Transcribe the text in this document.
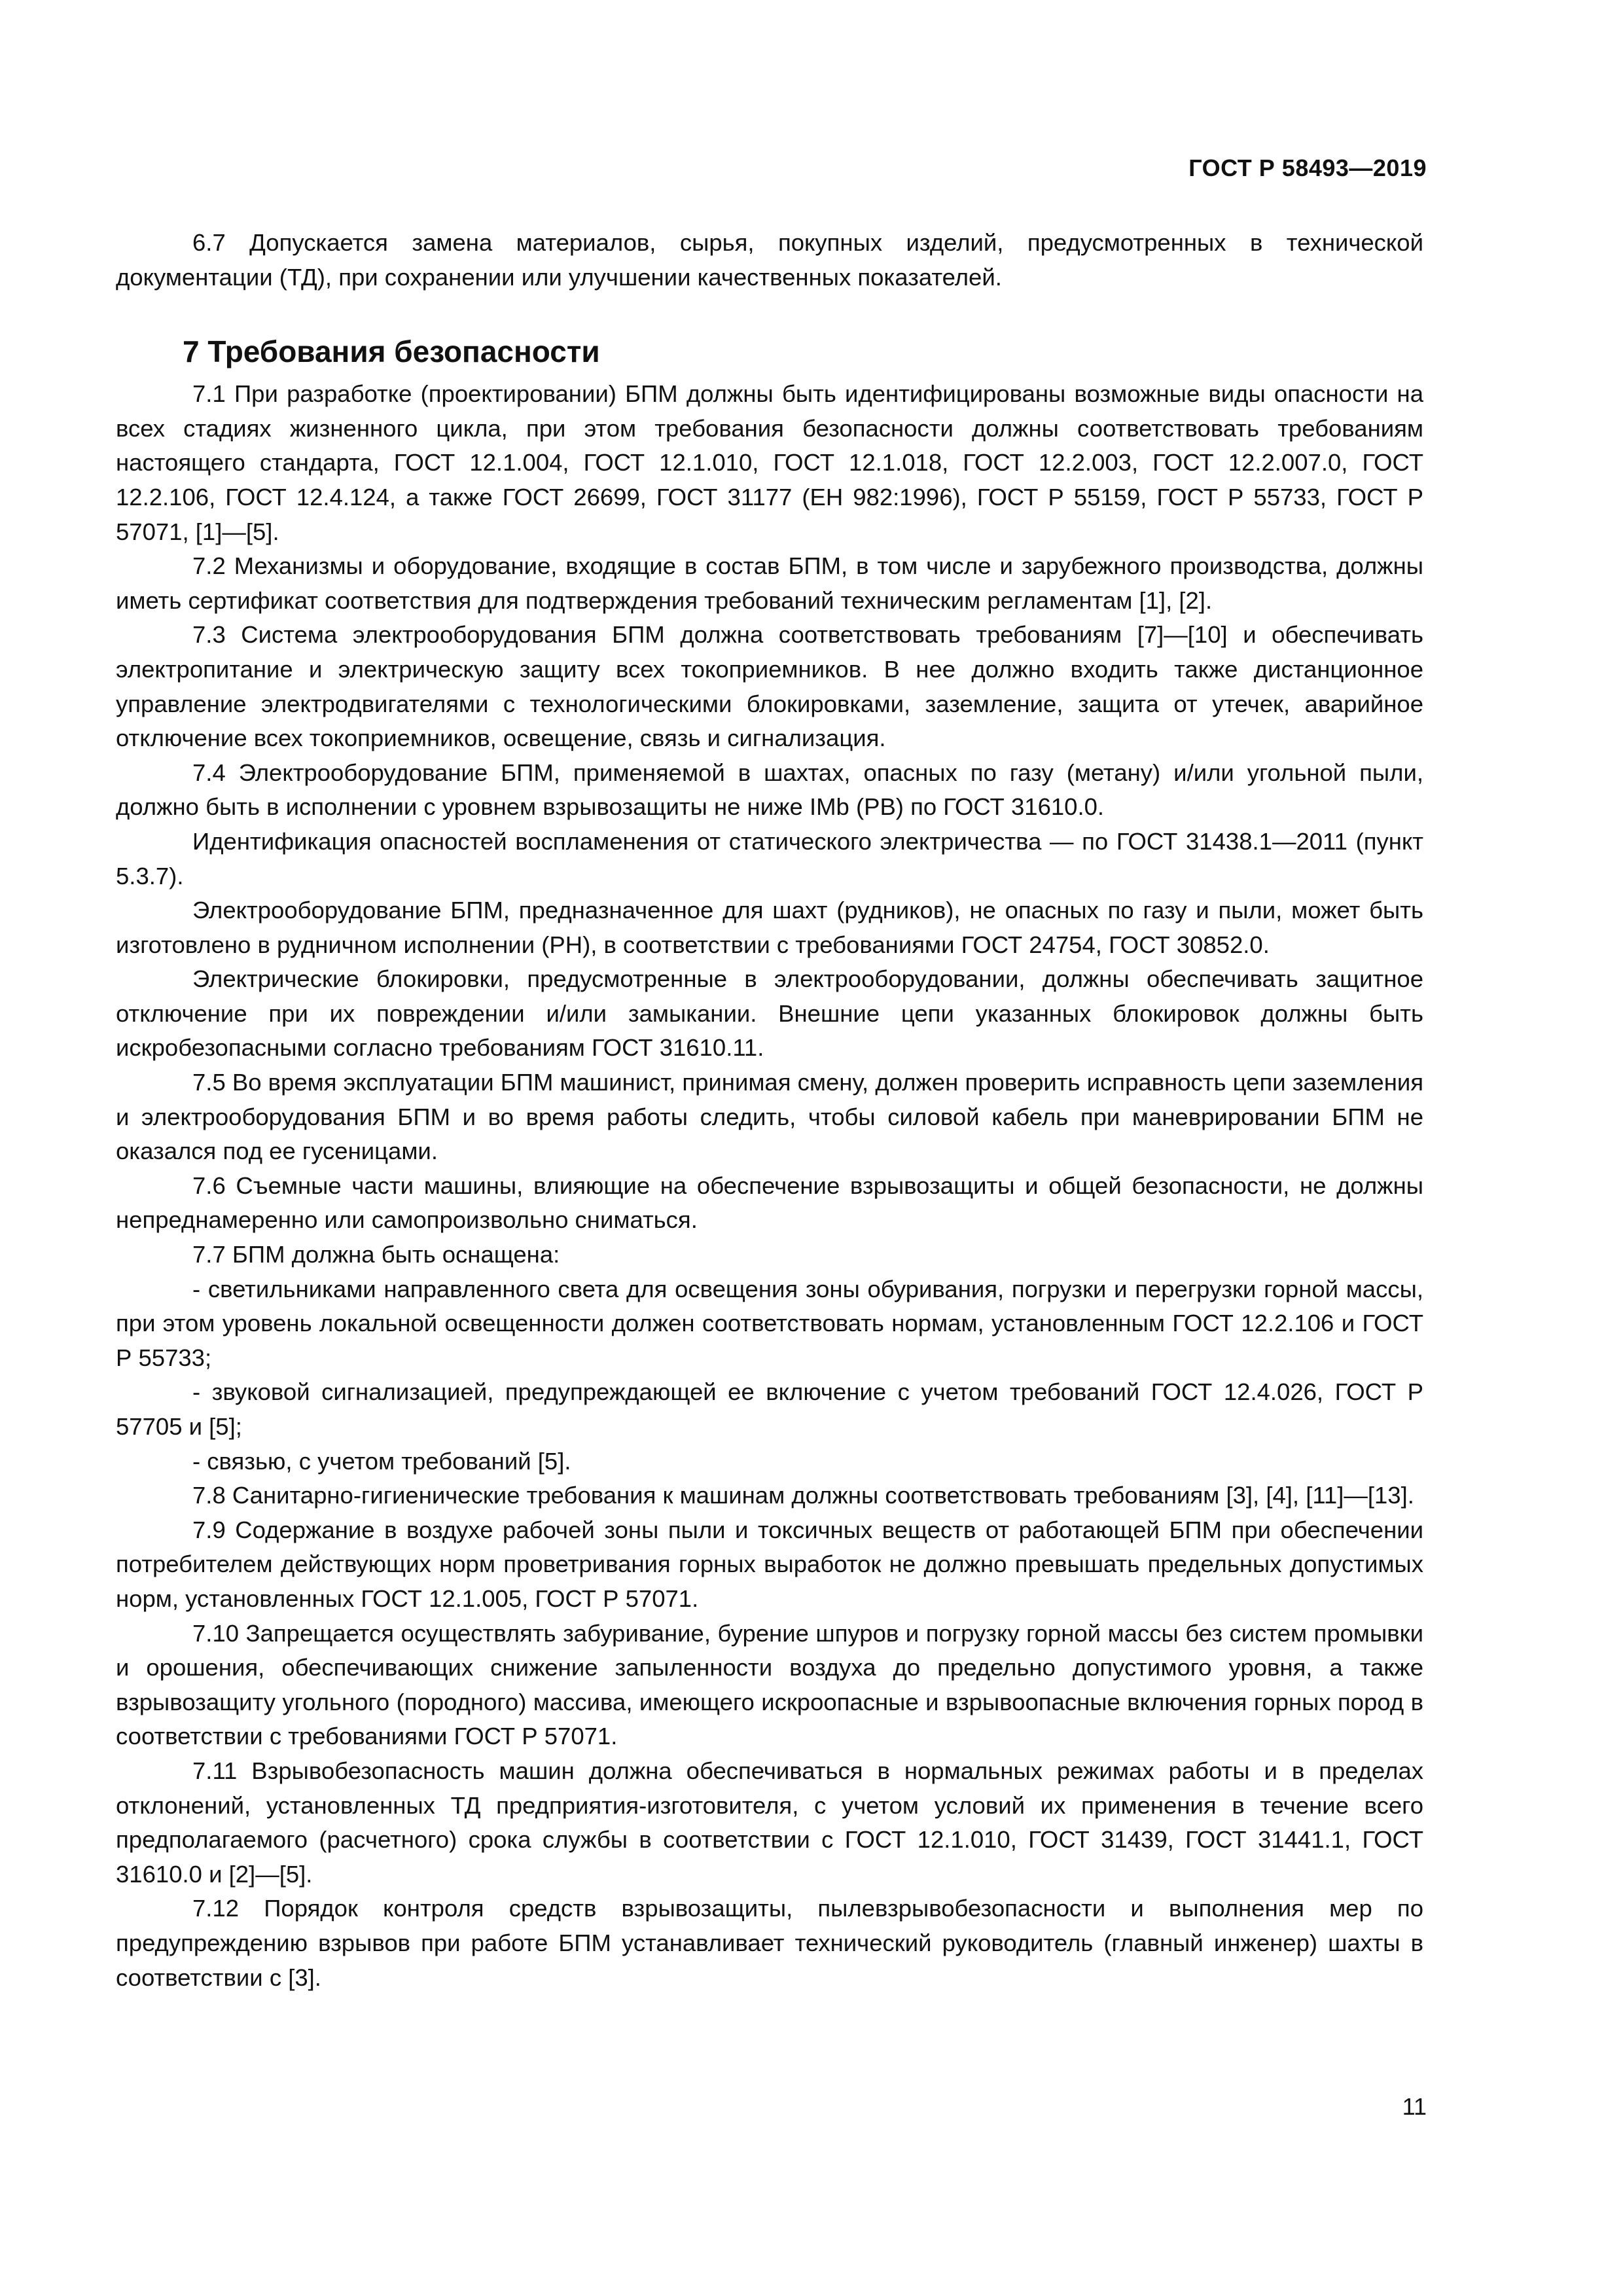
ГОСТ Р 58493—2019

6.7 Допускается замена материалов, сырья, покупных изделий, предусмотренных в технической документации (ТД), при сохранении или улучшении качественных показателей.

7 Требования безопасности

7.1 При разработке (проектировании) БПМ должны быть идентифицированы возможные виды опасности на всех стадиях жизненного цикла, при этом требования безопасности должны соответствовать требованиям настоящего стандарта, ГОСТ 12.1.004, ГОСТ 12.1.010, ГОСТ 12.1.018, ГОСТ 12.2.003, ГОСТ 12.2.007.0, ГОСТ 12.2.106, ГОСТ 12.4.124, а также ГОСТ 26699, ГОСТ 31177 (ЕН 982:1996), ГОСТ Р 55159, ГОСТ Р 55733, ГОСТ Р 57071, [1]—[5].

7.2 Механизмы и оборудование, входящие в состав БПМ, в том числе и зарубежного производства, должны иметь сертификат соответствия для подтверждения требований техническим регламентам [1], [2].

7.3 Система электрооборудования БПМ должна соответствовать требованиям [7]—[10] и обеспечивать электропитание и электрическую защиту всех токоприемников. В нее должно входить также дистанционное управление электродвигателями с технологическими блокировками, заземление, защита от утечек, аварийное отключение всех токоприемников, освещение, связь и сигнализация.

7.4 Электрооборудование БПМ, применяемой в шахтах, опасных по газу (метану) и/или угольной пыли, должно быть в исполнении с уровнем взрывозащиты не ниже IMb (РВ) по ГОСТ 31610.0.

Идентификация опасностей воспламенения от статического электричества — по ГОСТ 31438.1—2011 (пункт 5.3.7).

Электрооборудование БПМ, предназначенное для шахт (рудников), не опасных по газу и пыли, может быть изготовлено в рудничном исполнении (РН), в соответствии с требованиями ГОСТ 24754, ГОСТ 30852.0.

Электрические блокировки, предусмотренные в электрооборудовании, должны обеспечивать защитное отключение при их повреждении и/или замыкании. Внешние цепи указанных блокировок должны быть искробезопасными согласно требованиям ГОСТ 31610.11.

7.5 Во время эксплуатации БПМ машинист, принимая смену, должен проверить исправность цепи заземления и электрооборудования БПМ и во время работы следить, чтобы силовой кабель при маневрировании БПМ не оказался под ее гусеницами.

7.6 Съемные части машины, влияющие на обеспечение взрывозащиты и общей безопасности, не должны непреднамеренно или самопроизвольно сниматься.

7.7 БПМ должна быть оснащена:

- светильниками направленного света для освещения зоны обуривания, погрузки и перегрузки горной массы, при этом уровень локальной освещенности должен соответствовать нормам, установленным ГОСТ 12.2.106 и ГОСТ Р 55733;

- звуковой сигнализацией, предупреждающей ее включение с учетом требований ГОСТ 12.4.026, ГОСТ Р 57705 и [5];

- связью, с учетом требований [5].

7.8 Санитарно-гигиенические требования к машинам должны соответствовать требованиям [3], [4], [11]—[13].

7.9 Содержание в воздухе рабочей зоны пыли и токсичных веществ от работающей БПМ при обеспечении потребителем действующих норм проветривания горных выработок не должно превышать предельных допустимых норм, установленных ГОСТ 12.1.005, ГОСТ Р 57071.

7.10 Запрещается осуществлять забуривание, бурение шпуров и погрузку горной массы без систем промывки и орошения, обеспечивающих снижение запыленности воздуха до предельно допустимого уровня, а также взрывозащиту угольного (породного) массива, имеющего искроопасные и взрывоопасные включения горных пород в соответствии с требованиями ГОСТ Р 57071.

7.11 Взрывобезопасность машин должна обеспечиваться в нормальных режимах работы и в пределах отклонений, установленных ТД предприятия-изготовителя, с учетом условий их применения в течение всего предполагаемого (расчетного) срока службы в соответствии с ГОСТ 12.1.010, ГОСТ 31439, ГОСТ 31441.1, ГОСТ 31610.0 и [2]—[5].

7.12 Порядок контроля средств взрывозащиты, пылевзрывобезопасности и выполнения мер по предупреждению взрывов при работе БПМ устанавливает технический руководитель (главный инженер) шахты в соответствии с [3].

11
